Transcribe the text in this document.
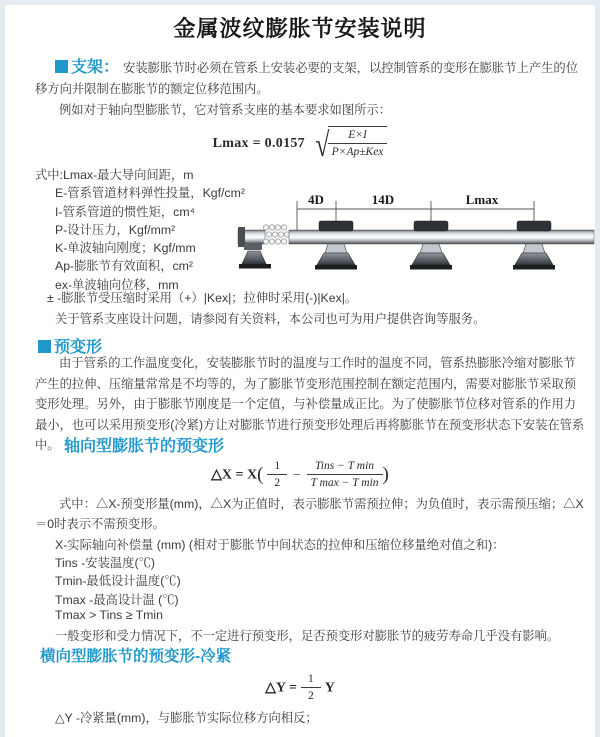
金属波纹膨胀节安装说明
支架： 安装膨胀节时必须在管系上安装必要的支架，以控制管系的变形在膨胀节上产生的位移方向并限制在膨胀节的额定位移范围内。
例如对于轴向型膨胀节，它对管系支座的基本要求如图所示：
Lmax = 0.0157 √
$\frac{E\times I}{\text{P×Ap±Kex}}$
式中:Lmax-最大导向间距，m
E-管系管道材料弹性投量，Kgf/cm²
I-管系管道的惯性矩，cm⁴
P-设计压力，Kgf/mm²
K-单波轴向刚度；Kgf/mm
Ap-膨胀节有效面积，cm²
ex-单波轴向位移，mm
± -膨胀节受压缩时采用（+）|Kex|；拉伸时采用(-)|Kex|。
关于管系支座设计问题，请参阅有关资料，本公司也可为用户提供咨询等服务。
4D	14D	Lmax
预变形
由于管系的工作温度变化，安装膨胀节时的温度与工作时的温度不同，管系热膨胀冷缩对膨胀节产生的拉伸、压缩量常常是不均等的，为了膨胀节变形范围控制在额定范围内，需要对膨胀节采取预变形处理。另外，由于膨胀节刚度是一个定值，与补偿量成正比。为了使膨胀节位移对管系的作用力最小，也可以采用预变形(冷紧)方让对膨胀节进行预变形处理后再将膨胀节在预变形状态下安装在管系中。 轴向型膨胀节的预变形
△X = $X( \frac{1}{2} - \frac{\text{Tins − T min}}{\text{T max − T min}}$ )
式中：△X-预变形量(mm)，△X为正值时，表示膨胀节需预拉伸；为负值时，表示需预压缩；△X＝0时表示不需预变形。
X-实际轴向补偿量 (mm) (相对于膨胀节中间状态的拉伸和压缩位移量绝对值之和)：
Tins -安装温度(℃)
Tmin-最低设计温度(℃)
Tmax -最高设计温 (℃)
Tmax > Tins ≥ Tmin
一般变形和受力情况下，不一定进行预变形，足否预变形对膨胀节的疲劳寿命几乎没有影响。
横向型膨胀节的预变形-冷紧
△Y = $\frac{1}{2}$ Y
△Y -冷紧量(mm)，与膨胀节实际位移方向相反；
